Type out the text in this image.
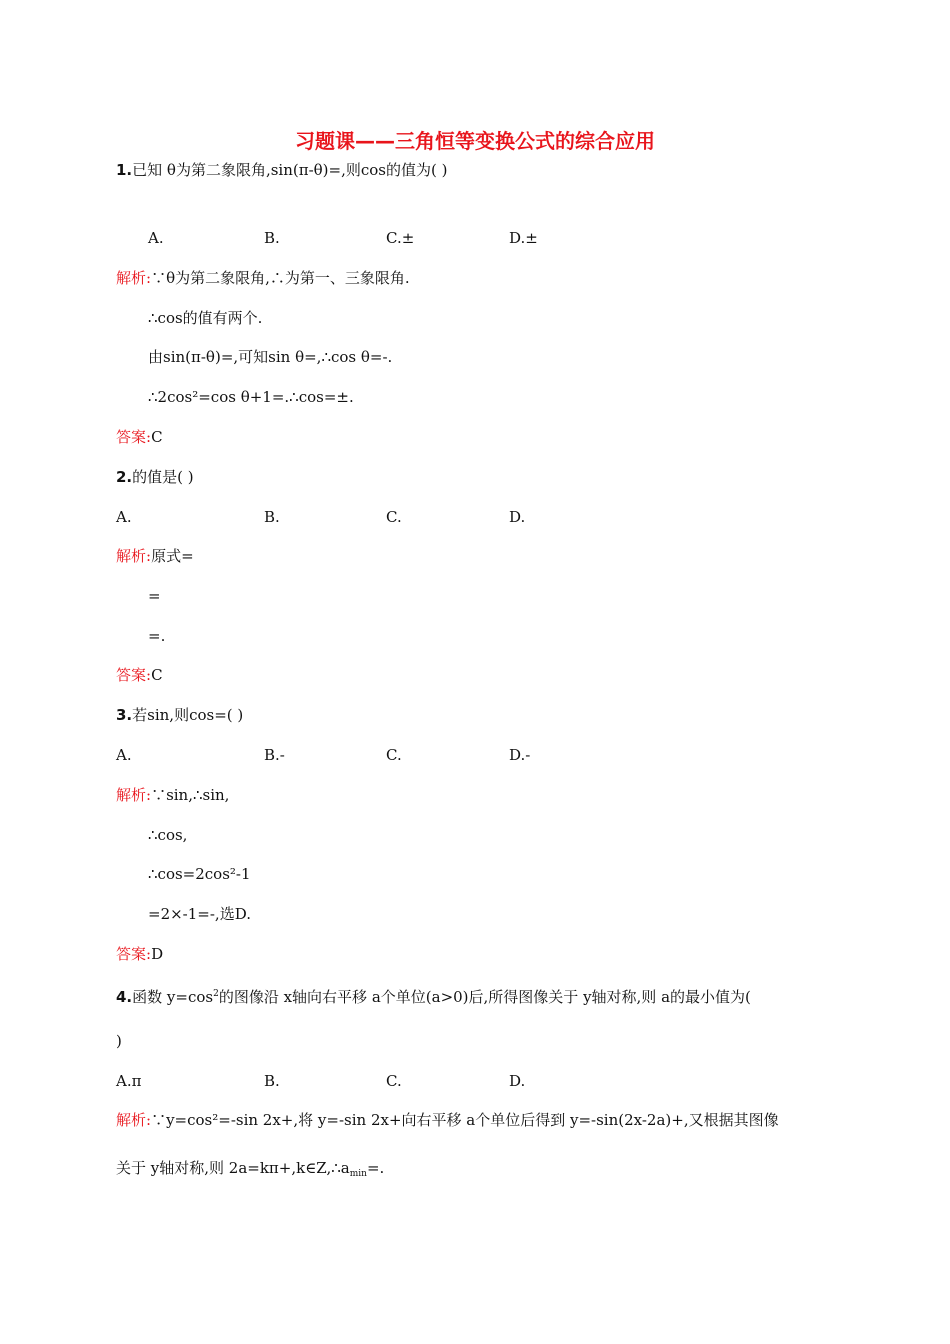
习题课——三角恒等变换公式的综合应用
1.已知 θ为第二象限角,sin(π-θ)=,则cos的值为( )
A.	B.	C.±	D.±
解析:∵θ为第二象限角,∴为第一、三象限角.
∴cos的值有两个.
由sin(π-θ)=,可知sin θ=,∴cos θ=-.
∴2cos²=cos θ+1=.∴cos=±.
答案:C
2.的值是( )
A.	B.	C.	D.
解析:原式=
=
=.
答案:C
3.若sin,则cos=( )
A.	B.-	C.	D.-
解析:∵sin,∴sin,
∴cos,
∴cos=2cos²-1
=2×-1=-,选D.
答案:D
4.函数 $y=\cos^2$的图像沿 x轴向右平移 a个单位(a>0)后,所得图像关于 y轴对称,则 a的最小值为(
)
A.π	B.	C.	D.
解析:∵y=cos²=-sin 2x+,将 y=-sin 2x+向右平移 a个单位后得到 y=-sin(2x-2a)+,又根据其图像
关于 y轴对称,则 $2a=k\pi+,k\in Z,\therefore a_{min}=$.
